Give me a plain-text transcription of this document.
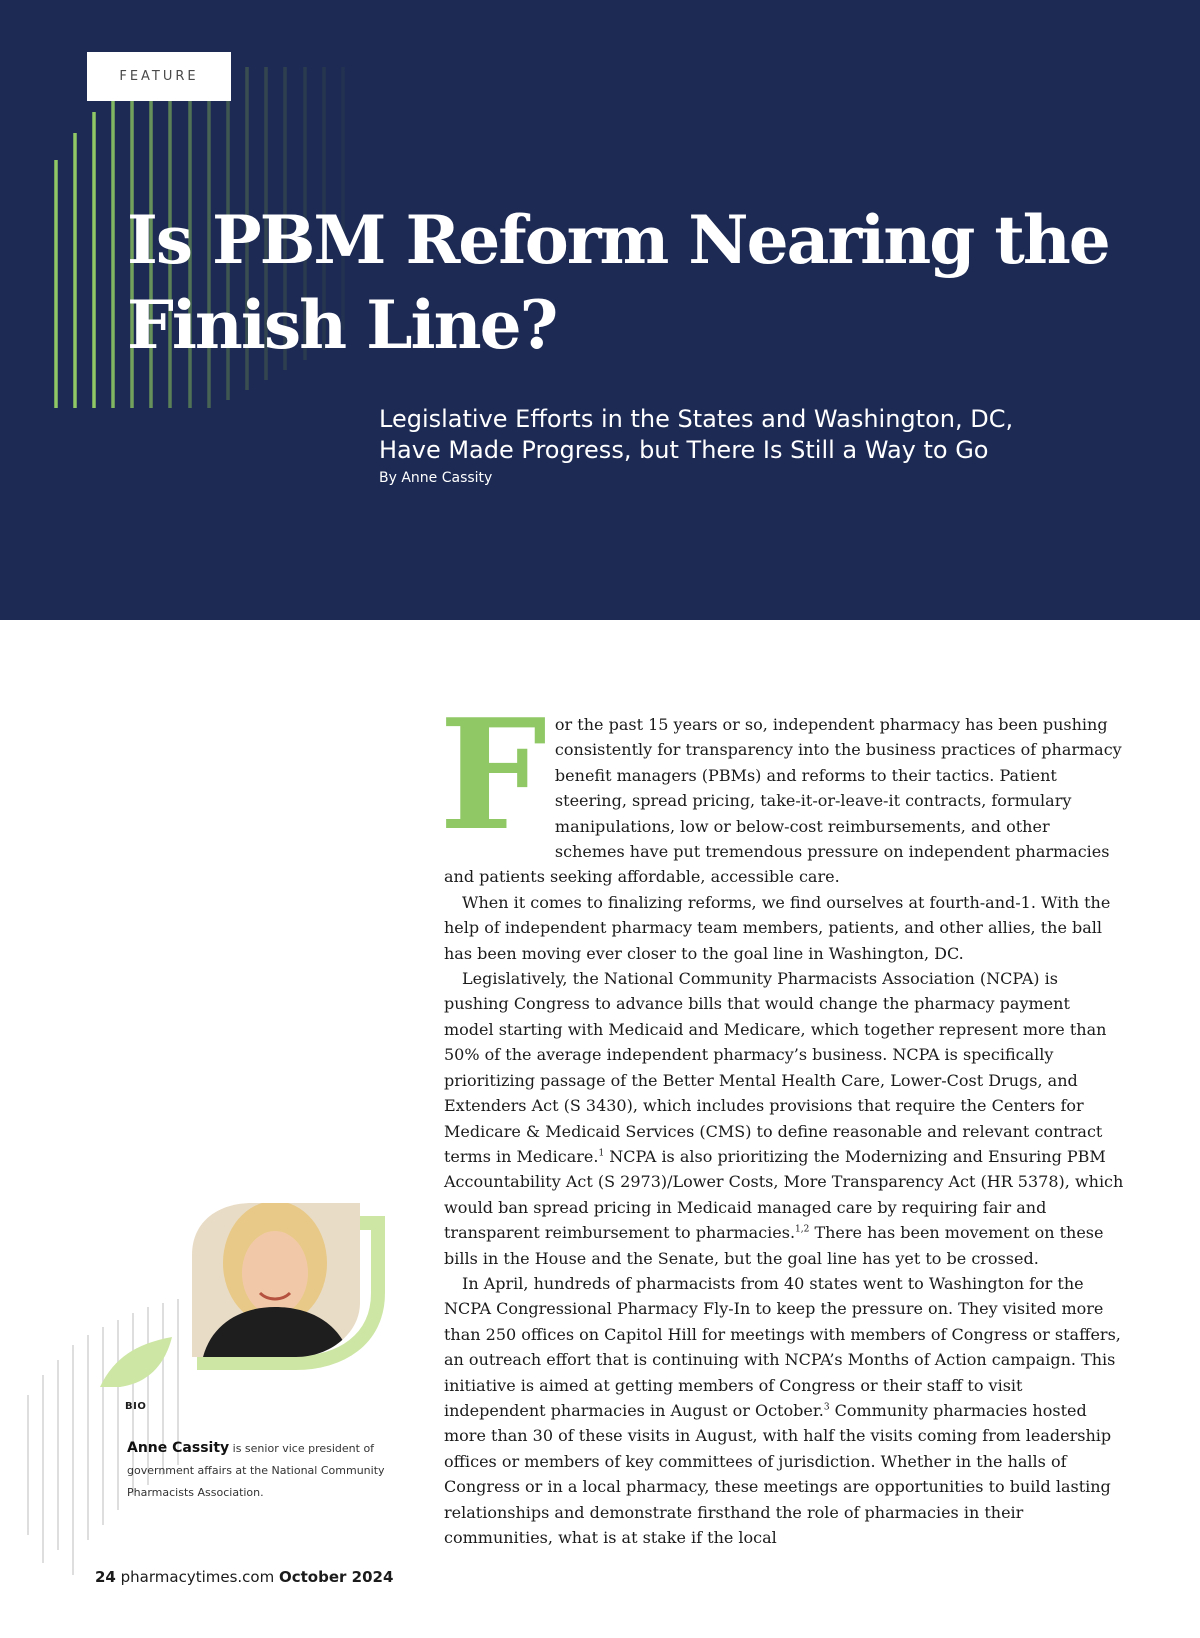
FEATURE
Is PBM Reform Nearing the
Finish Line?
Legislative Efforts in the States and Washington, DC,
Have Made Progress, but There Is Still a Way to Go
By Anne Cassity

For the past 15 years or so, independent pharmacy has been pushing consistently for transparency into the business practices of pharmacy benefit managers (PBMs) and reforms to their tactics. Patient steering, spread pricing, take-it-or-leave-it contracts, formulary manipulations, low or below-cost reimbursements, and other schemes have put tremendous pressure on independent pharmacies and patients seeking affordable, accessible care.

When it comes to finalizing reforms, we find ourselves at fourth-and-1. With the help of independent pharmacy team members, patients, and other allies, the ball has been moving ever closer to the goal line in Washington, DC.

Legislatively, the National Community Pharmacists Association (NCPA) is pushing Congress to advance bills that would change the pharmacy payment model starting with Medicaid and Medicare, which together represent more than 50% of the average independent pharmacy’s business. NCPA is specifically prioritizing passage of the Better Mental Health Care, Lower-Cost Drugs, and Extenders Act (S 3430), which includes provisions that require the Centers for Medicare & Medicaid Services (CMS) to define reasonable and relevant contract terms in Medicare.$^1$ NCPA is also prioritizing the Modernizing and Ensuring PBM Accountability Act (S 2973)/Lower Costs, More Transparency Act (HR 5378), which would ban spread pricing in Medicaid managed care by requiring fair and transparent reimbursement to pharmacies.$^{1,2}$ There has been movement on these bills in the House and the Senate, but the goal line has yet to be crossed.

In April, hundreds of pharmacists from 40 states went to Washington for the NCPA Congressional Pharmacy Fly-In to keep the pressure on. They visited more than 250 offices on Capitol Hill for meetings with members of Congress or staffers, an outreach effort that is continuing with NCPA’s Months of Action campaign. This initiative is aimed at getting members of Congress or their staff to visit independent pharmacies in August or October.$^3$ Community pharmacies hosted more than 30 of these visits in August, with half the visits coming from leadership offices or members of key committees of jurisdiction. Whether in the halls of Congress or in a local pharmacy, these meetings are opportunities to build lasting relationships and demonstrate firsthand the role of pharmacies in their communities, what is at stake if the local

BIO
Anne Cassity is senior vice president of government affairs at the National Community Pharmacists Association.
24 pharmacytimes.com October 2024
